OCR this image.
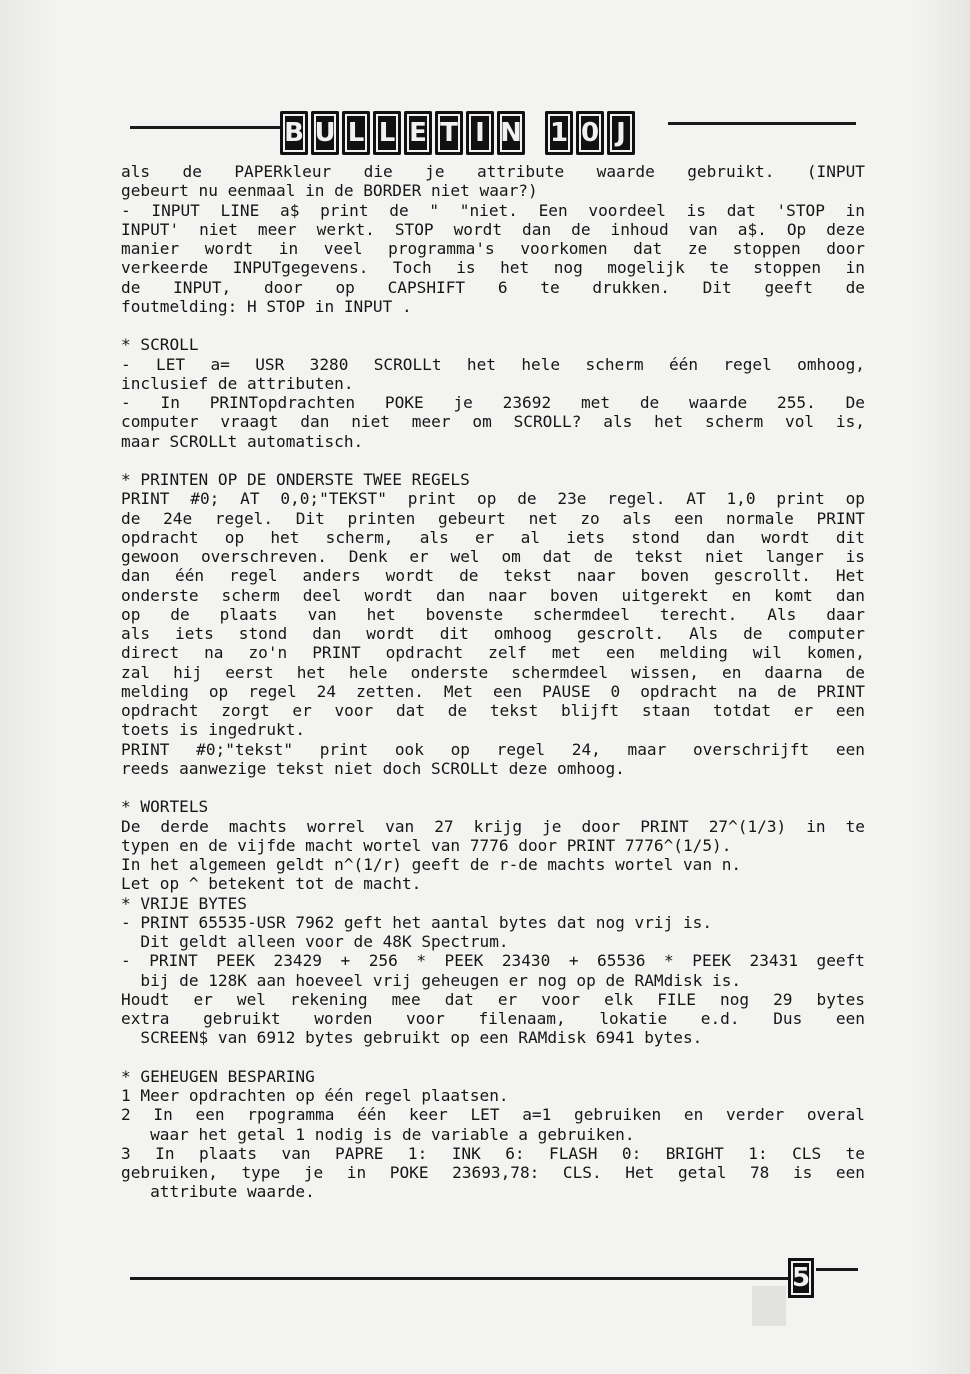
B U L L E T I N 1 0 J
als de PAPERkleur die je attribute waarde gebruikt. (INPUT
gebeurt nu eenmaal in de BORDER niet waar?)
- INPUT LINE a$ print de " "niet. Een voordeel is dat 'STOP in
INPUT' niet meer werkt. STOP wordt dan de inhoud van a$. Op deze
manier wordt in veel programma's voorkomen dat ze stoppen door
verkeerde INPUTgegevens. Toch is het nog mogelijk te stoppen in
de INPUT, door op CAPSHIFT 6 te drukken. Dit geeft de
foutmelding: H STOP in INPUT .
* SCROLL
- LET a= USR 3280 SCROLLt het hele scherm één regel omhoog,
inclusief de attributen.
- In PRINTopdrachten POKE je 23692 met de waarde 255. De
computer vraagt dan niet meer om SCROLL? als het scherm vol is,
maar SCROLLt automatisch.
* PRINTEN OP DE ONDERSTE TWEE REGELS
PRINT #0; AT 0,0;"TEKST" print op de 23e regel. AT 1,0 print op
de 24e regel. Dit printen gebeurt net zo als een normale PRINT
opdracht op het scherm, als er al iets stond dan wordt dit
gewoon overschreven. Denk er wel om dat de tekst niet langer is
dan één regel anders wordt de tekst naar boven gescrollt. Het
onderste scherm deel wordt dan naar boven uitgerekt en komt dan
op de plaats van het bovenste schermdeel terecht. Als daar
als iets stond dan wordt dit omhoog gescrolt. Als de computer
direct na zo'n PRINT opdracht zelf met een melding wil komen,
zal hij eerst het hele onderste schermdeel wissen, en daarna de
melding op regel 24 zetten. Met een PAUSE 0 opdracht na de PRINT
opdracht zorgt er voor dat de tekst blijft staan totdat er een
toets is ingedrukt.
PRINT #0;"tekst" print ook op regel 24, maar overschrijft een
reeds aanwezige tekst niet doch SCROLLt deze omhoog.
* WORTELS
De derde machts worrel van 27 krijg je door PRINT 27^(1/3) in te
typen en de vijfde macht wortel van 7776 door PRINT 7776^(1/5).
In het algemeen geldt n^(1/r) geeft de r-de machts wortel van n.
Let op ^ betekent tot de macht.
* VRIJE BYTES
- PRINT 65535-USR 7962 geft het aantal bytes dat nog vrij is.
Dit geldt alleen voor de 48K Spectrum.
- PRINT PEEK 23429 + 256 * PEEK 23430 + 65536 * PEEK 23431 geeft
bij de 128K aan hoeveel vrij geheugen er nog op de RAMdisk is.
Houdt er wel rekening mee dat er voor elk FILE nog 29 bytes
extra gebruikt worden voor filenaam, lokatie e.d. Dus een
SCREEN$ van 6912 bytes gebruikt op een RAMdisk 6941 bytes.
* GEHEUGEN BESPARING
1 Meer opdrachten op één regel plaatsen.
2 In een rpogramma één keer LET a=1 gebruiken en verder overal
waar het getal 1 nodig is de variable a gebruiken.
3 In plaats van PAPRE 1: INK 6: FLASH 0: BRIGHT 1: CLS te
gebruiken, type je in POKE 23693,78: CLS. Het getal 78 is een
attribute waarde.
5
